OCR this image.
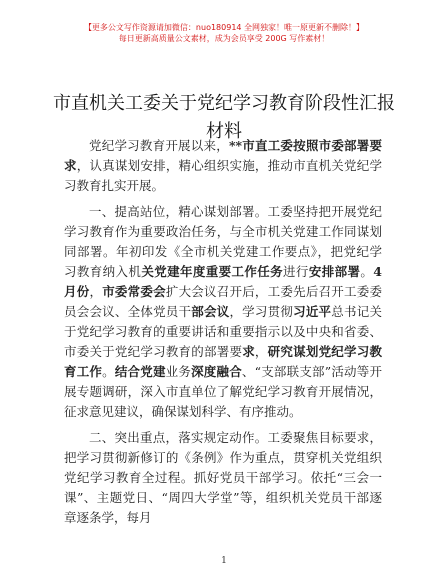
【更多公文写作资源请加微信：nuo180914 全网独家！唯一原更新不删除！】
每日更新高质量公文素材，成为会员享受 200G 写作素材！
市直机关工委关于党纪学习教育阶段性汇报材料

党纪学习教育开展以来，**市直工委按照市委部署要求，认真谋划安排，精心组织实施，推动市直机关党纪学习教育扎实开展。

一、提高站位，精心谋划部署。工委坚持把开展党纪学习教育作为重要政治任务，与全市机关党建工作同谋划同部署。年初印发《全市机关党建工作要点》，把党纪学习教育纳入机关党建年度重要工作任务进行安排部署。4 月份，市委常委会扩大会议召开后，工委先后召开工委委员会会议、全体党员干部会议，学习贯彻习近平总书记关于党纪学习教育的重要讲话和重要指示以及中央和省委、市委关于党纪学习教育的部署要求，研究谋划党纪学习教育工作。结合党建业务深度融合、“支部联支部”活动等开展专题调研，深入市直单位了解党纪学习教育开展情况，征求意见建议，确保谋划科学、有序推动。

二、突出重点，落实规定动作。工委聚焦目标要求，把学习贯彻新修订的《条例》作为重点，贯穿机关党组织党纪学习教育全过程。抓好党员干部学习。依托“三会一课”、主题党日、“周四大学堂”等，组织机关党员干部逐章逐条学，每月

1
